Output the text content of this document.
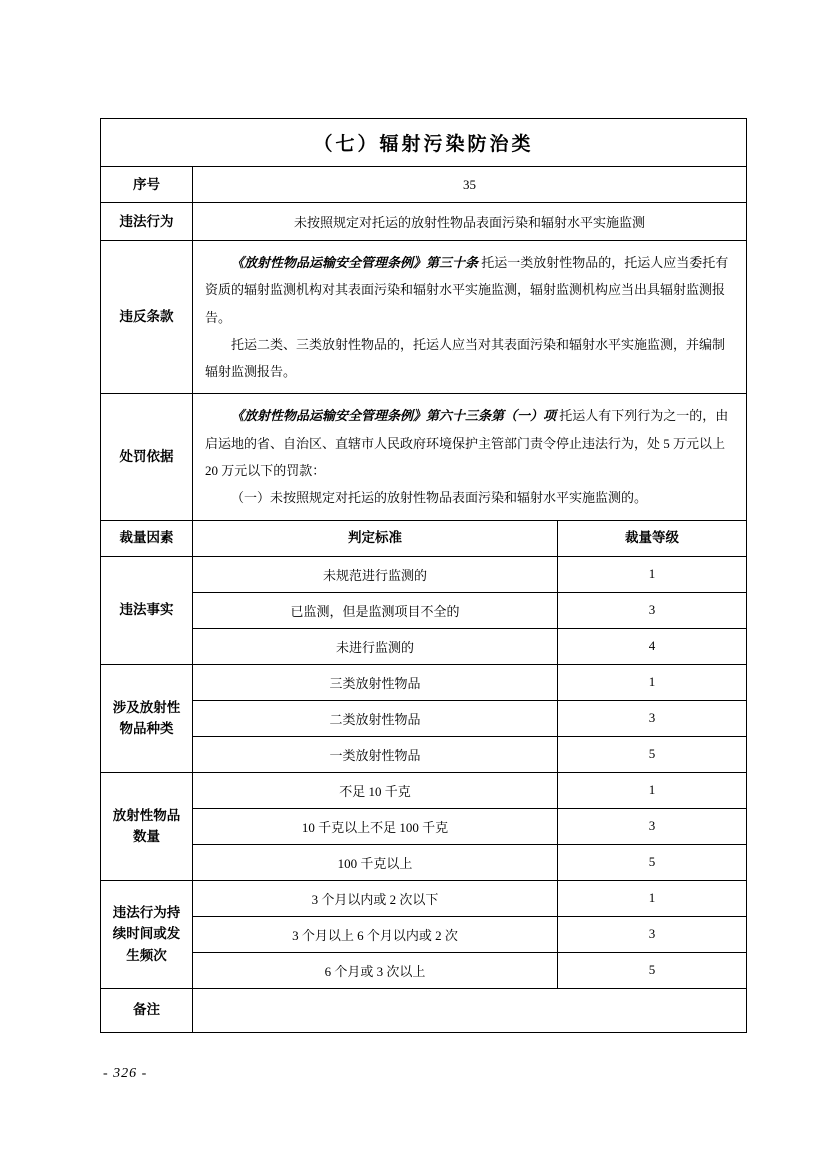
（七）辐射污染防治类		
序号	35	
违法行为	未按照规定对托运的放射性物品表面污染和辐射水平实施监测	
违反条款	《放射性物品运输安全管理条例》第三十条 托运一类放射性物品的，托运人应当委托有资质的辐射监测机构对其表面污染和辐射水平实施监测，辐射监测机构应当出具辐射监测报告。

托运二类、三类放射性物品的，托运人应当对其表面污染和辐射水平实施监测，并编制辐射监测报告。	

处罚依据	《放射性物品运输安全管理条例》第六十三条第（一）项 托运人有下列行为之一的，由启运地的省、自治区、直辖市人民政府环境保护主管部门责令停止违法行为，处 5 万元以上 20 万元以下的罚款：

（一）未按照规定对托运的放射性物品表面污染和辐射水平实施监测的。	

裁量因素	判定标准	裁量等级
违法事实	未规范进行监测的	1
	已监测，但是监测项目不全的	3
	未进行监测的	4
涉及放射性物品种类	三类放射性物品	1
	二类放射性物品	3
	一类放射性物品	5
放射性物品数量	不足 10 千克	1
	10 千克以上不足 100 千克	3
	100 千克以上	5
违法行为持续时间或发生频次	3 个月以内或 2 次以下	1
	3 个月以上 6 个月以内或 2 次	3
	6 个月或 3 次以上	5
备注		
- 326 -
